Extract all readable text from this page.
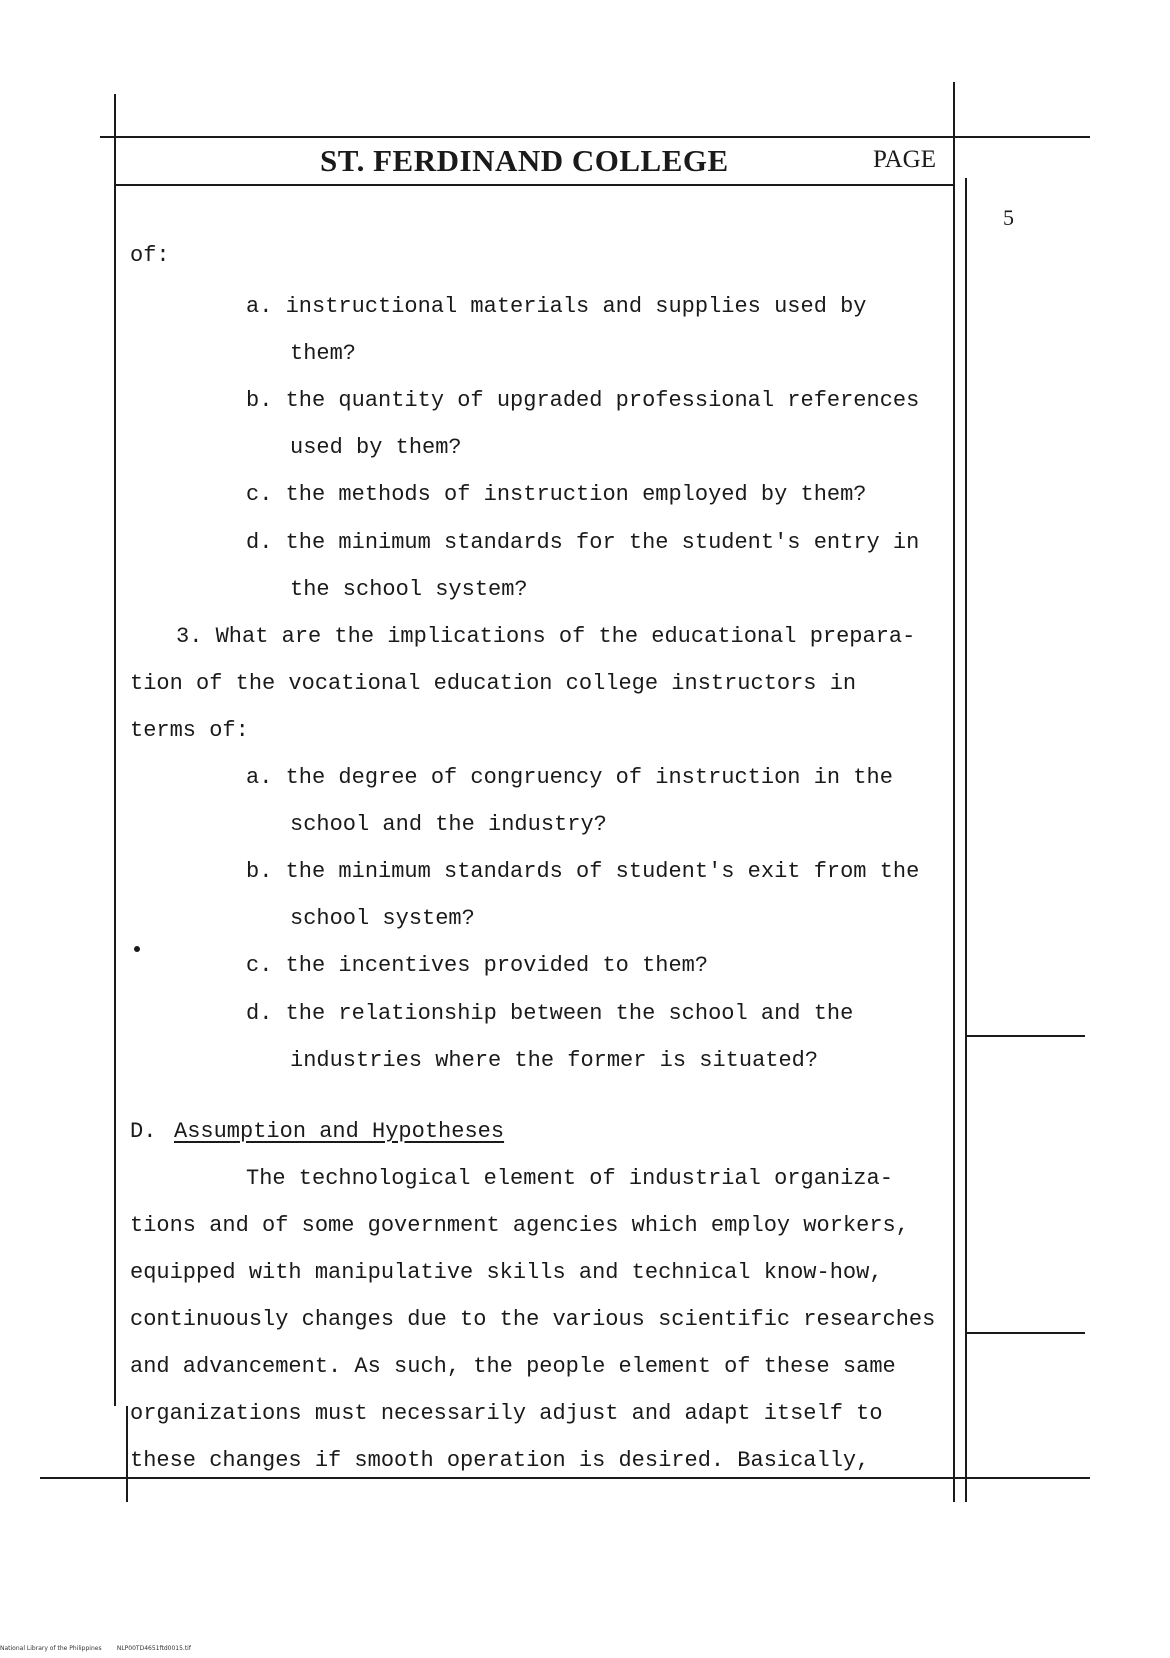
ST. FERDINAND COLLEGE	PAGE
5
of:
a. instructional materials and supplies used by
them?
b. the quantity of upgraded professional references
used by them?
c. the methods of instruction employed by them?
d. the minimum standards for the student's entry in
the school system?
3. What are the implications of the educational prepara-
tion of the vocational education college instructors in
terms of:
a. the degree of congruency of instruction in the
school and the industry?
b. the minimum standards of student's exit from the
school system?
c. the incentives provided to them?
d. the relationship between the school and the
industries where the former is situated?
D. Assumption and Hypotheses
The technological element of industrial organiza-
tions and of some government agencies which employ workers,
equipped with manipulative skills and technical know-how,
continuously changes due to the various scientific researches
and advancement. As such, the people element of these same
organizations must necessarily adjust and adapt itself to
these changes if smooth operation is desired. Basically,
National Library of the Philippines	NLP00TD4651ftd0015.tif
